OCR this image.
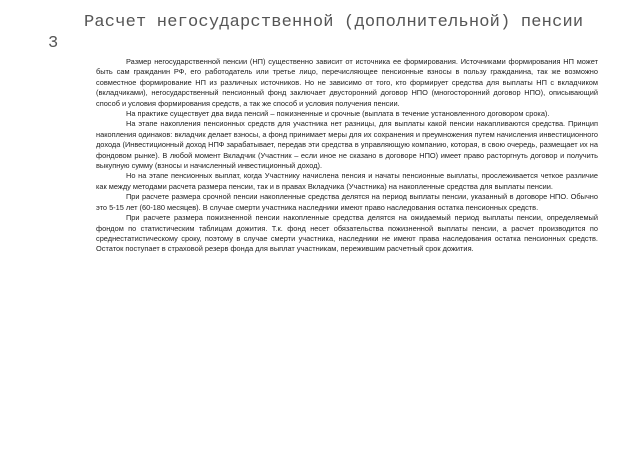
3
Расчет негосударственной (дополнительной) пенсии

Размер негосударственной пенсии (НП) существенно зависит от источника ее формирования. Источниками формирования НП может быть сам гражданин РФ, его работодатель или третье лицо, перечисляющее пенсионные взносы в пользу гражданина, так же возможно совместное формирование НП из различных источников. Но не зависимо от того, кто формирует средства для выплаты НП с вкладчиком (вкладчиками), негосударственный пенсионный фонд заключает двусторонний договор НПО (многосторонний договор НПО), описывающий способ и условия формирования средств, а так же способ и условия получения пенсии.

На практике существует два вида пенсий – пожизненные и срочные (выплата в течение установленного договором срока).

На этапе накопления пенсионных средств для участника нет разницы, для выплаты какой пенсии накапливаются средства. Принцип накопления одинаков: вкладчик делает взносы, а фонд принимает меры для их сохранения и преумножения путем начисления инвестиционного дохода (Инвестиционный доход НПФ зарабатывает, передав эти средства в управляющую компанию, которая, в свою очередь, размещает их на фондовом рынке). В любой момент Вкладчик (Участник – если иное не сказано в договоре НПО) имеет право расторгнуть договор и получить выкупную сумму (взносы и начисленный инвестиционный доход).

Но на этапе пенсионных выплат, когда Участнику начислена пенсия и начаты пенсионные выплаты, прослеживается четкое различие как между методами расчета размера пенсии, так и в правах Вкладчика (Участника) на накопленные средства для выплаты пенсии.

При расчете размера срочной пенсии накопленные средства делятся на период выплаты пенсии, указанный в договоре НПО. Обычно это 5-15 лет (60-180 месяцев). В случае смерти участника наследники имеют право наследования остатка пенсионных средств.

При расчете размера пожизненной пенсии накопленные средства делятся на ожидаемый период выплаты пенсии, определяемый фондом по статистическим таблицам дожития. Т.к. фонд несет обязательства пожизненной выплаты пенсии, а расчет производится по среднестатистическому сроку, поэтому в случае смерти участника, наследники не имеют права наследования остатка пенсионных средств. Остаток поступает в страховой резерв фонда для выплат участникам, пережившим расчетный срок дожития.
